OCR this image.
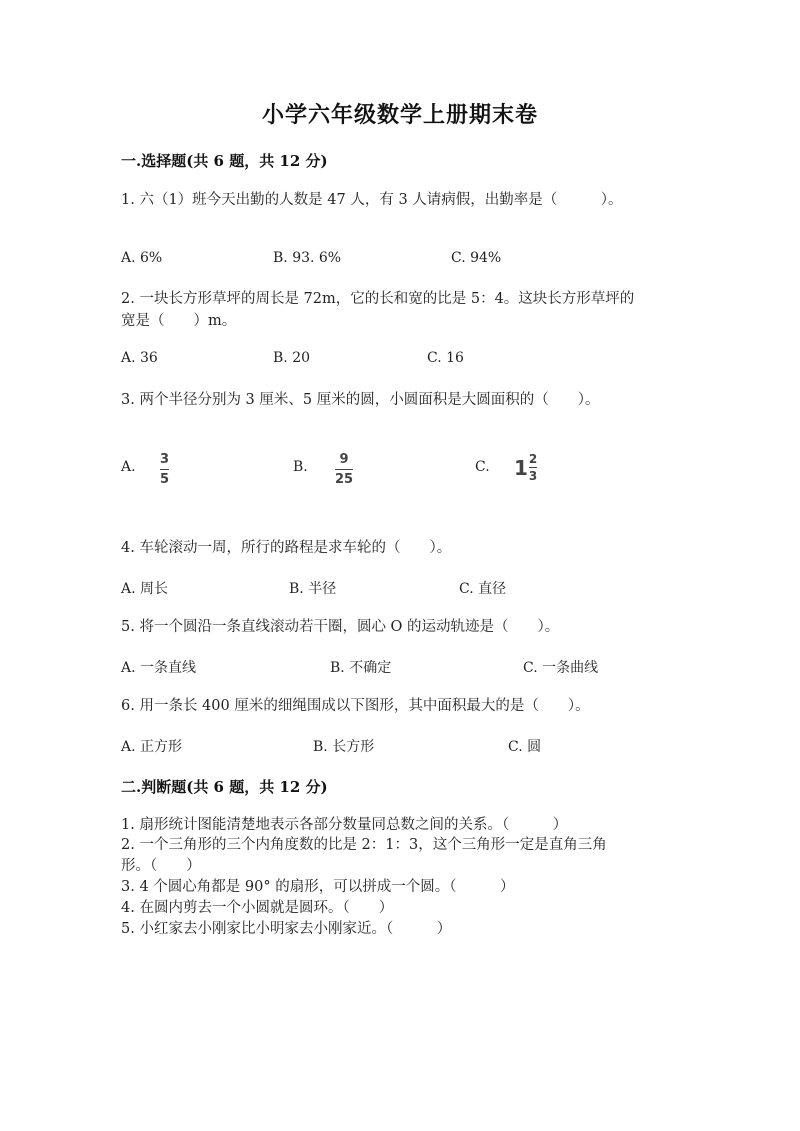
小学六年级数学上册期末卷
一.选择题(共 6 题，共 12 分)
1. 六（1）班今天出勤的人数是 47 人，有 3 人请病假，出勤率是（　　　）。
A. 6%	B. 93. 6%	C. 94%
2. 一块长方形草坪的周长是 72m，它的长和宽的比是 5：4。这块长方形草坪的
宽是（　　）m。
A. 36	B. 20	C. 16
3. 两个半径分别为 3 厘米、5 厘米的圆，小圆面积是大圆面积的（　　）。
A. 3
5
B. 9
25
C. 1 2
3
4. 车轮滚动一周，所行的路程是求车轮的（　　）。
A. 周长	B. 半径	C. 直径
5. 将一个圆沿一条直线滚动若干圈，圆心 O 的运动轨迹是（　　）。
A. 一条直线	B. 不确定	C. 一条曲线
6. 用一条长 400 厘米的细绳围成以下图形，其中面积最大的是（　　）。
A. 正方形	B. 长方形	C. 圆
二.判断题(共 6 题，共 12 分)
1. 扇形统计图能清楚地表示各部分数量同总数之间的关系。（　　　）
2. 一个三角形的三个内角度数的比是 2：1：3，这个三角形一定是直角三角
形。（　　）
3. 4 个圆心角都是 90° 的扇形，可以拼成一个圆。（　　　）
4. 在圆内剪去一个小圆就是圆环。（　　）
5. 小红家去小刚家比小明家去小刚家近。（　　　）
